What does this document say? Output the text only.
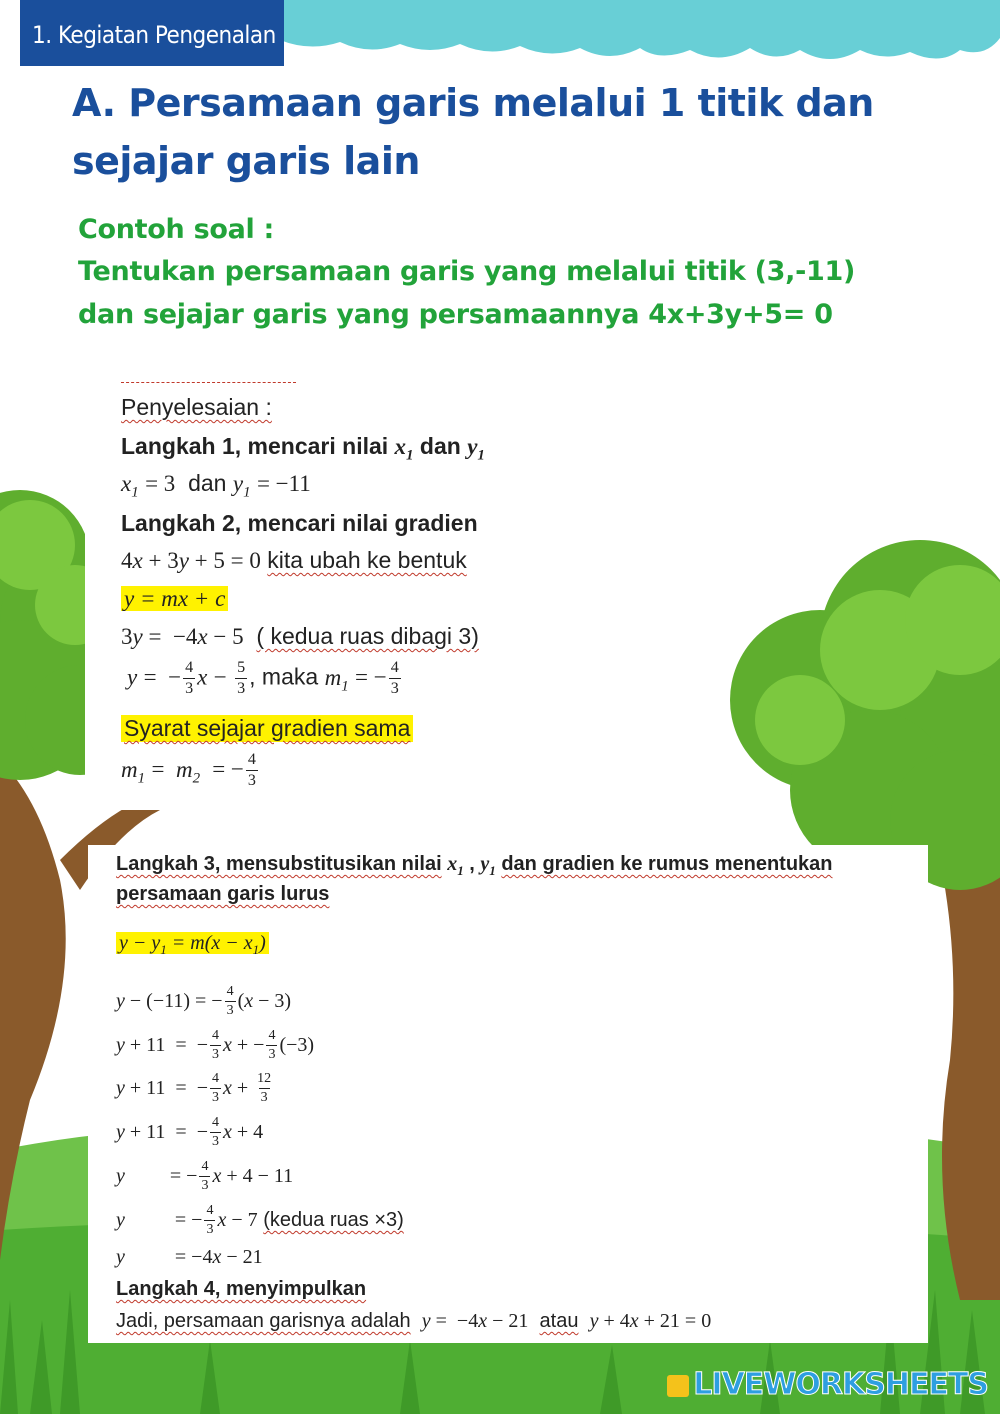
1. Kegiatan Pengenalan : A. Persamaan garis melalui 1 titik dan
sejajar garis lain
Contoh soal :
Tentukan persamaan garis yang melalui titik (3,-11)
dan sejajar garis yang persamaannya 4x+3y+5= 0
Penyelesaian :
Langkah 1, mencari nilai $x_1$ dan $y_1$
$x_1 = 3$ dan $y_1 = -11$
Langkah 2, mencari nilai gradien
4x + 3y + 5 = 0 kita ubah ke bentuk
y = mx + c
3y =  −4x − 5 ( kedua ruas dibagi 3)
y =  − $\frac{4}{3}$ $x - \frac{5}{3}$ , maka $m_1$ = − $\frac{4}{3}$
Syarat sejajar gradien sama
$m_1 = m_2$  = − $\frac{4}{3}$
Langkah 3, mensubstitusikan nilai $x_1$ , $y_1$ dan gradien ke rumus menentukan
persamaan garis lurus
$y - y_1 = m(x - x_1)$
y − (−11) = − $\frac{4}{3} (x - 3)$
y + 11  =  − $\frac{4}{3}$ x + − $\frac{4}{3} (-3)$
y + 11  =  − $\frac{4}{3}$ $x + \frac{12}{3}$
y + 11  =  − $\frac{4}{3}$ x + 4
y         = − $\frac{4}{3}$ x + 4 − 11
y          = − $\frac{4}{3}$ x − 7 (kedua ruas ×3)
y          = −4x − 21
Langkah 4, menyimpulkan
Jadi, persamaan garisnya adalah y =  −4x − 21 atau y + 4x + 21 = 0
LIVEWORKSHEETS
